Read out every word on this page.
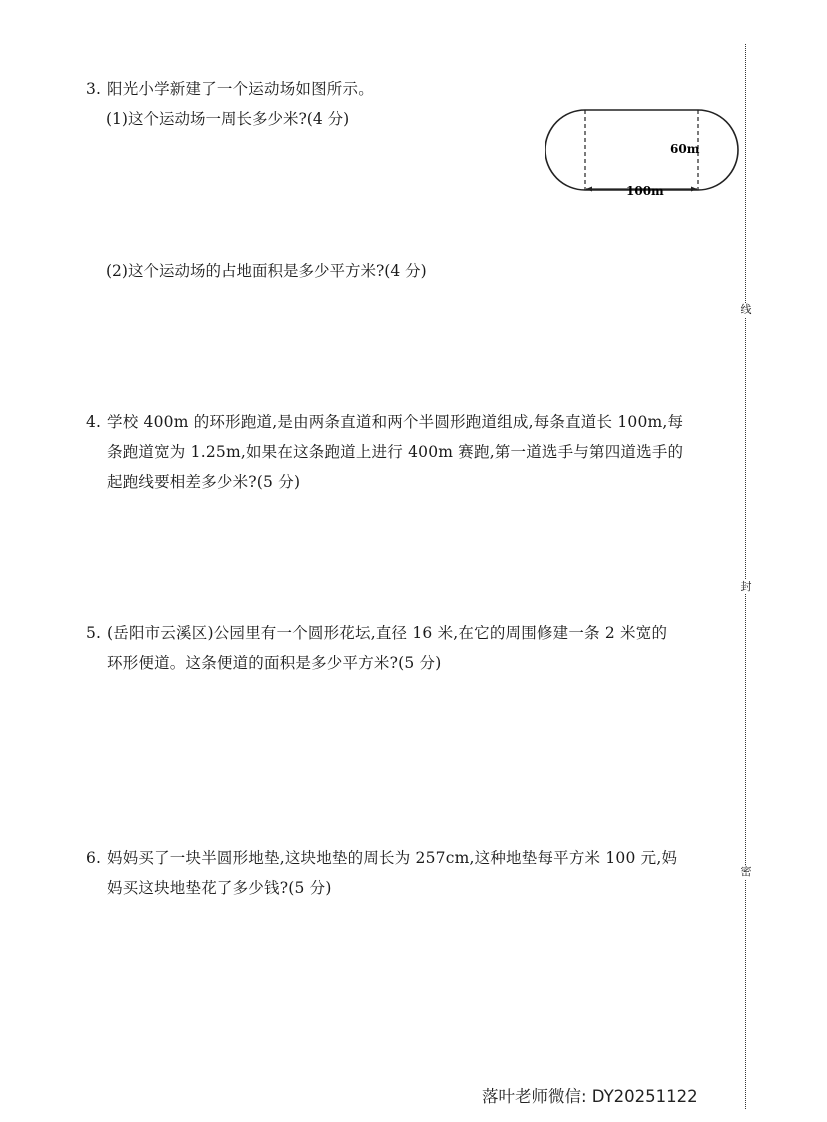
3. 阳光小学新建了一个运动场如图所示。
(1)这个运动场一周长多少米?(4 分)
60m
100m
(2)这个运动场的占地面积是多少平方米?(4 分)
4. 学校 400m 的环形跑道,是由两条直道和两个半圆形跑道组成,每条直道长 100m,每
条跑道宽为 1.25m,如果在这条跑道上进行 400m 赛跑,第一道选手与第四道选手的
起跑线要相差多少米?(5 分)
5. (岳阳市云溪区)公园里有一个圆形花坛,直径 16 米,在它的周围修建一条 2 米宽的
环形便道。这条便道的面积是多少平方米?(5 分)
6. 妈妈买了一块半圆形地垫,这块地垫的周长为 257cm,这种地垫每平方米 100 元,妈
妈买这块地垫花了多少钱?(5 分)
线
封
密
落叶老师微信: DY20251122
